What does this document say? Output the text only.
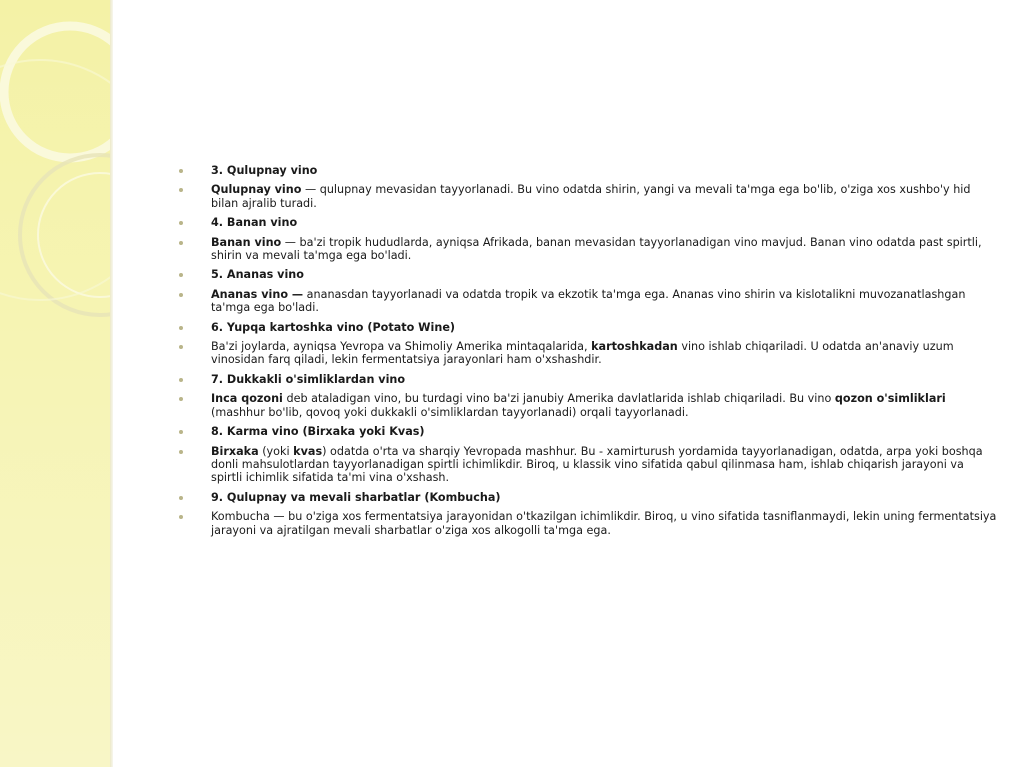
3. Qulupnay vino
Qulupnay vino — qulupnay mevasidan tayyorlanadi. Bu vino odatda shirin, yangi va mevali ta'mga ega bo'lib, o'ziga xos xushbo'y hid bilan ajralib turadi.
4. Banan vino
Banan vino — ba'zi tropik hududlarda, ayniqsa Afrikada, banan mevasidan tayyorlanadigan vino mavjud. Banan vino odatda past spirtli, shirin va mevali ta'mga ega bo'ladi.
5. Ananas vino
Ananas vino — ananasdan tayyorlanadi va odatda tropik va ekzotik ta'mga ega. Ananas vino shirin va kislotalikni muvozanatlashgan ta'mga ega bo'ladi.
6. Yupqa kartoshka vino (Potato Wine)
Ba'zi joylarda, ayniqsa Yevropa va Shimoliy Amerika mintaqalarida, kartoshkadan vino ishlab chiqariladi. U odatda an'anaviy uzum vinosidan farq qiladi, lekin fermentatsiya jarayonlari ham o'xshashdir.
7. Dukkakli o'simliklardan vino
Inca qozoni deb ataladigan vino, bu turdagi vino ba'zi janubiy Amerika davlatlarida ishlab chiqariladi. Bu vino qozon o'simliklari (mashhur bo'lib, qovoq yoki dukkakli o'simliklardan tayyorlanadi) orqali tayyorlanadi.
8. Karma vino (Birxaka yoki Kvas)
Birxaka (yoki kvas) odatda o'rta va sharqiy Yevropada mashhur. Bu - xamirturush yordamida tayyorlanadigan, odatda, arpa yoki boshqa donli mahsulotlardan tayyorlanadigan spirtli ichimlikdir. Biroq, u klassik vino sifatida qabul qilinmasa ham, ishlab chiqarish jarayoni va spirtli ichimlik sifatida ta'mi vina o'xshash.
9. Qulupnay va mevali sharbatlar (Kombucha)
Kombucha — bu o'ziga xos fermentatsiya jarayonidan o'tkazilgan ichimlikdir. Biroq, u vino sifatida tasniflanmaydi, lekin uning fermentatsiya jarayoni va ajratilgan mevali sharbatlar o'ziga xos alkogolli ta'mga ega.
